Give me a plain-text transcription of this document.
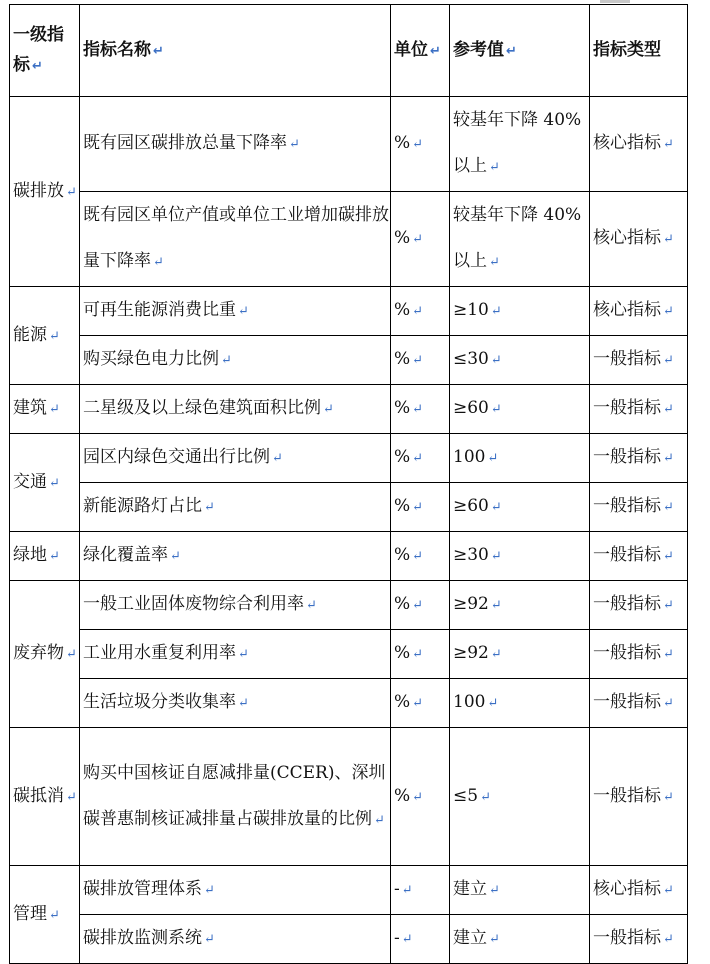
一级指标 ↵	指标名称 ↵	单位 ↵	参考值 ↵	指标类型
碳排放 ↵	既有园区碳排放总量下降率 ↵	% ↵	较基年下降 40%以上 ↵	核心指标 ↵
	既有园区单位产值或单位工业增加碳排放量下降率 ↵	% ↵	较基年下降 40%以上 ↵	核心指标 ↵
能源 ↵	可再生能源消费比重 ↵	% ↵	≥10 ↵	核心指标 ↵
	购买绿色电力比例 ↵	% ↵	≤30 ↵	一般指标 ↵
建筑 ↵	二星级及以上绿色建筑面积比例 ↵	% ↵	≥60 ↵	一般指标 ↵
交通 ↵	园区内绿色交通出行比例 ↵	% ↵	100 ↵	一般指标 ↵
	新能源路灯占比 ↵	% ↵	≥60 ↵	一般指标 ↵
绿地 ↵	绿化覆盖率 ↵	% ↵	≥30 ↵	一般指标 ↵
废弃物 ↵	一般工业固体废物综合利用率 ↵	% ↵	≥92 ↵	一般指标 ↵
	工业用水重复利用率 ↵	% ↵	≥92 ↵	一般指标 ↵
	生活垃圾分类收集率 ↵	% ↵	100 ↵	一般指标 ↵
碳抵消 ↵	购买中国核证自愿减排量(CCER)、深圳碳普惠制核证减排量占碳排放量的比例 ↵	% ↵	≤5 ↵	一般指标 ↵
管理 ↵	碳排放管理体系 ↵	- ↵	建立 ↵	核心指标 ↵
	碳排放监测系统 ↵	- ↵	建立 ↵	一般指标 ↵
